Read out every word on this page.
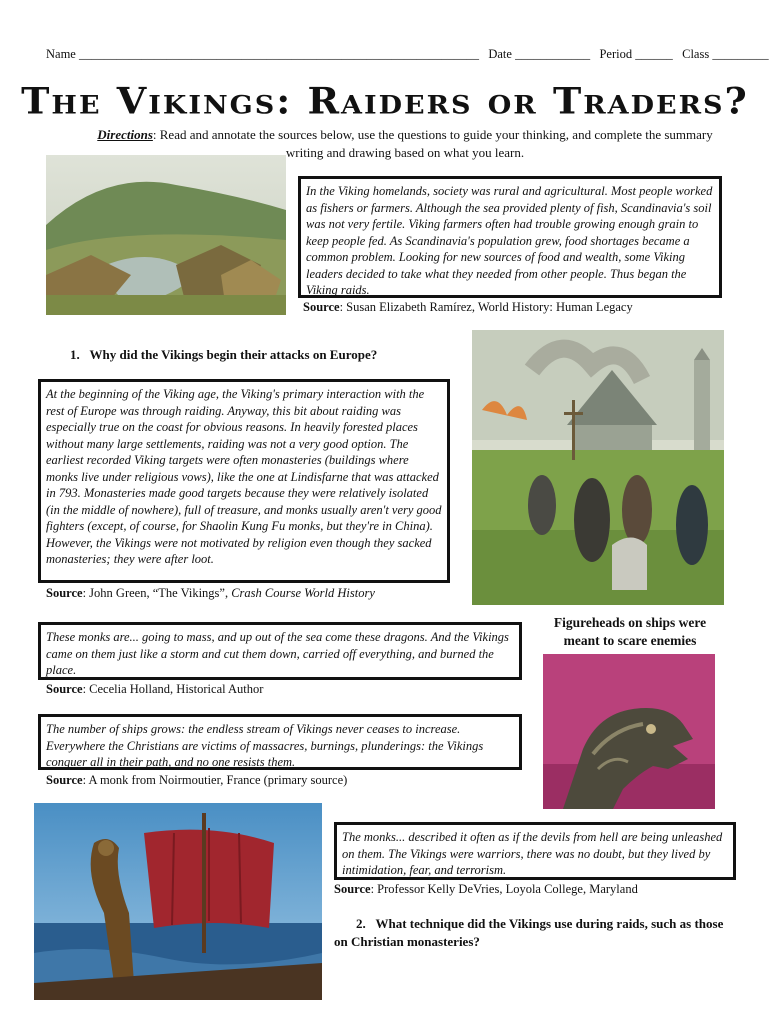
Name ________________________________________________________________ Date ____________ Period ______ Class _________
The Vikings: Raiders or Traders?
Directions: Read and annotate the sources below, use the questions to guide your thinking, and complete the summary writing and drawing based on what you learn.
In the Viking homelands, society was rural and agricultural. Most people worked as fishers or farmers. Although the sea provided plenty of fish, Scandinavia's soil was not very fertile. Viking farmers often had trouble growing enough grain to keep people fed. As Scandinavia's population grew, food shortages became a common problem. Looking for new sources of food and wealth, some Viking leaders decided to take what they needed from other people. Thus began the Viking raids.
Source: Susan Elizabeth Ramírez, World History: Human Legacy
1. Why did the Vikings begin their attacks on Europe?
At the beginning of the Viking age, the Viking's primary interaction with the rest of Europe was through raiding. Anyway, this bit about raiding was especially true on the coast for obvious reasons. In heavily forested places without many large settlements, raiding was not a very good option. The earliest recorded Viking targets were often monasteries (buildings where monks live under religious vows), like the one at Lindisfarne that was attacked in 793. Monasteries made good targets because they were relatively isolated (in the middle of nowhere), full of treasure, and monks usually aren't very good fighters (except, of course, for Shaolin Kung Fu monks, but they're in China). However, the Vikings were not motivated by religion even though they sacked monasteries; they were after loot.
Source: John Green, “The Vikings”, Crash Course World History
Figureheads on ships were meant to scare enemies
These monks are... going to mass, and up out of the sea come these dragons. And the Vikings came on them just like a storm and cut them down, carried off everything, and burned the place.
Source: Cecelia Holland, Historical Author
The number of ships grows: the endless stream of Vikings never ceases to increase. Everywhere the Christians are victims of massacres, burnings, plunderings: the Vikings conquer all in their path, and no one resists them.
Source: A monk from Noirmoutier, France (primary source)
The monks... described it often as if the devils from hell are being unleashed on them. The Vikings were warriors, there was no doubt, but they lived by intimidation, fear, and terrorism.
Source: Professor Kelly DeVries, Loyola College, Maryland
2. What technique did the Vikings use during raids, such as those on Christian monasteries?
